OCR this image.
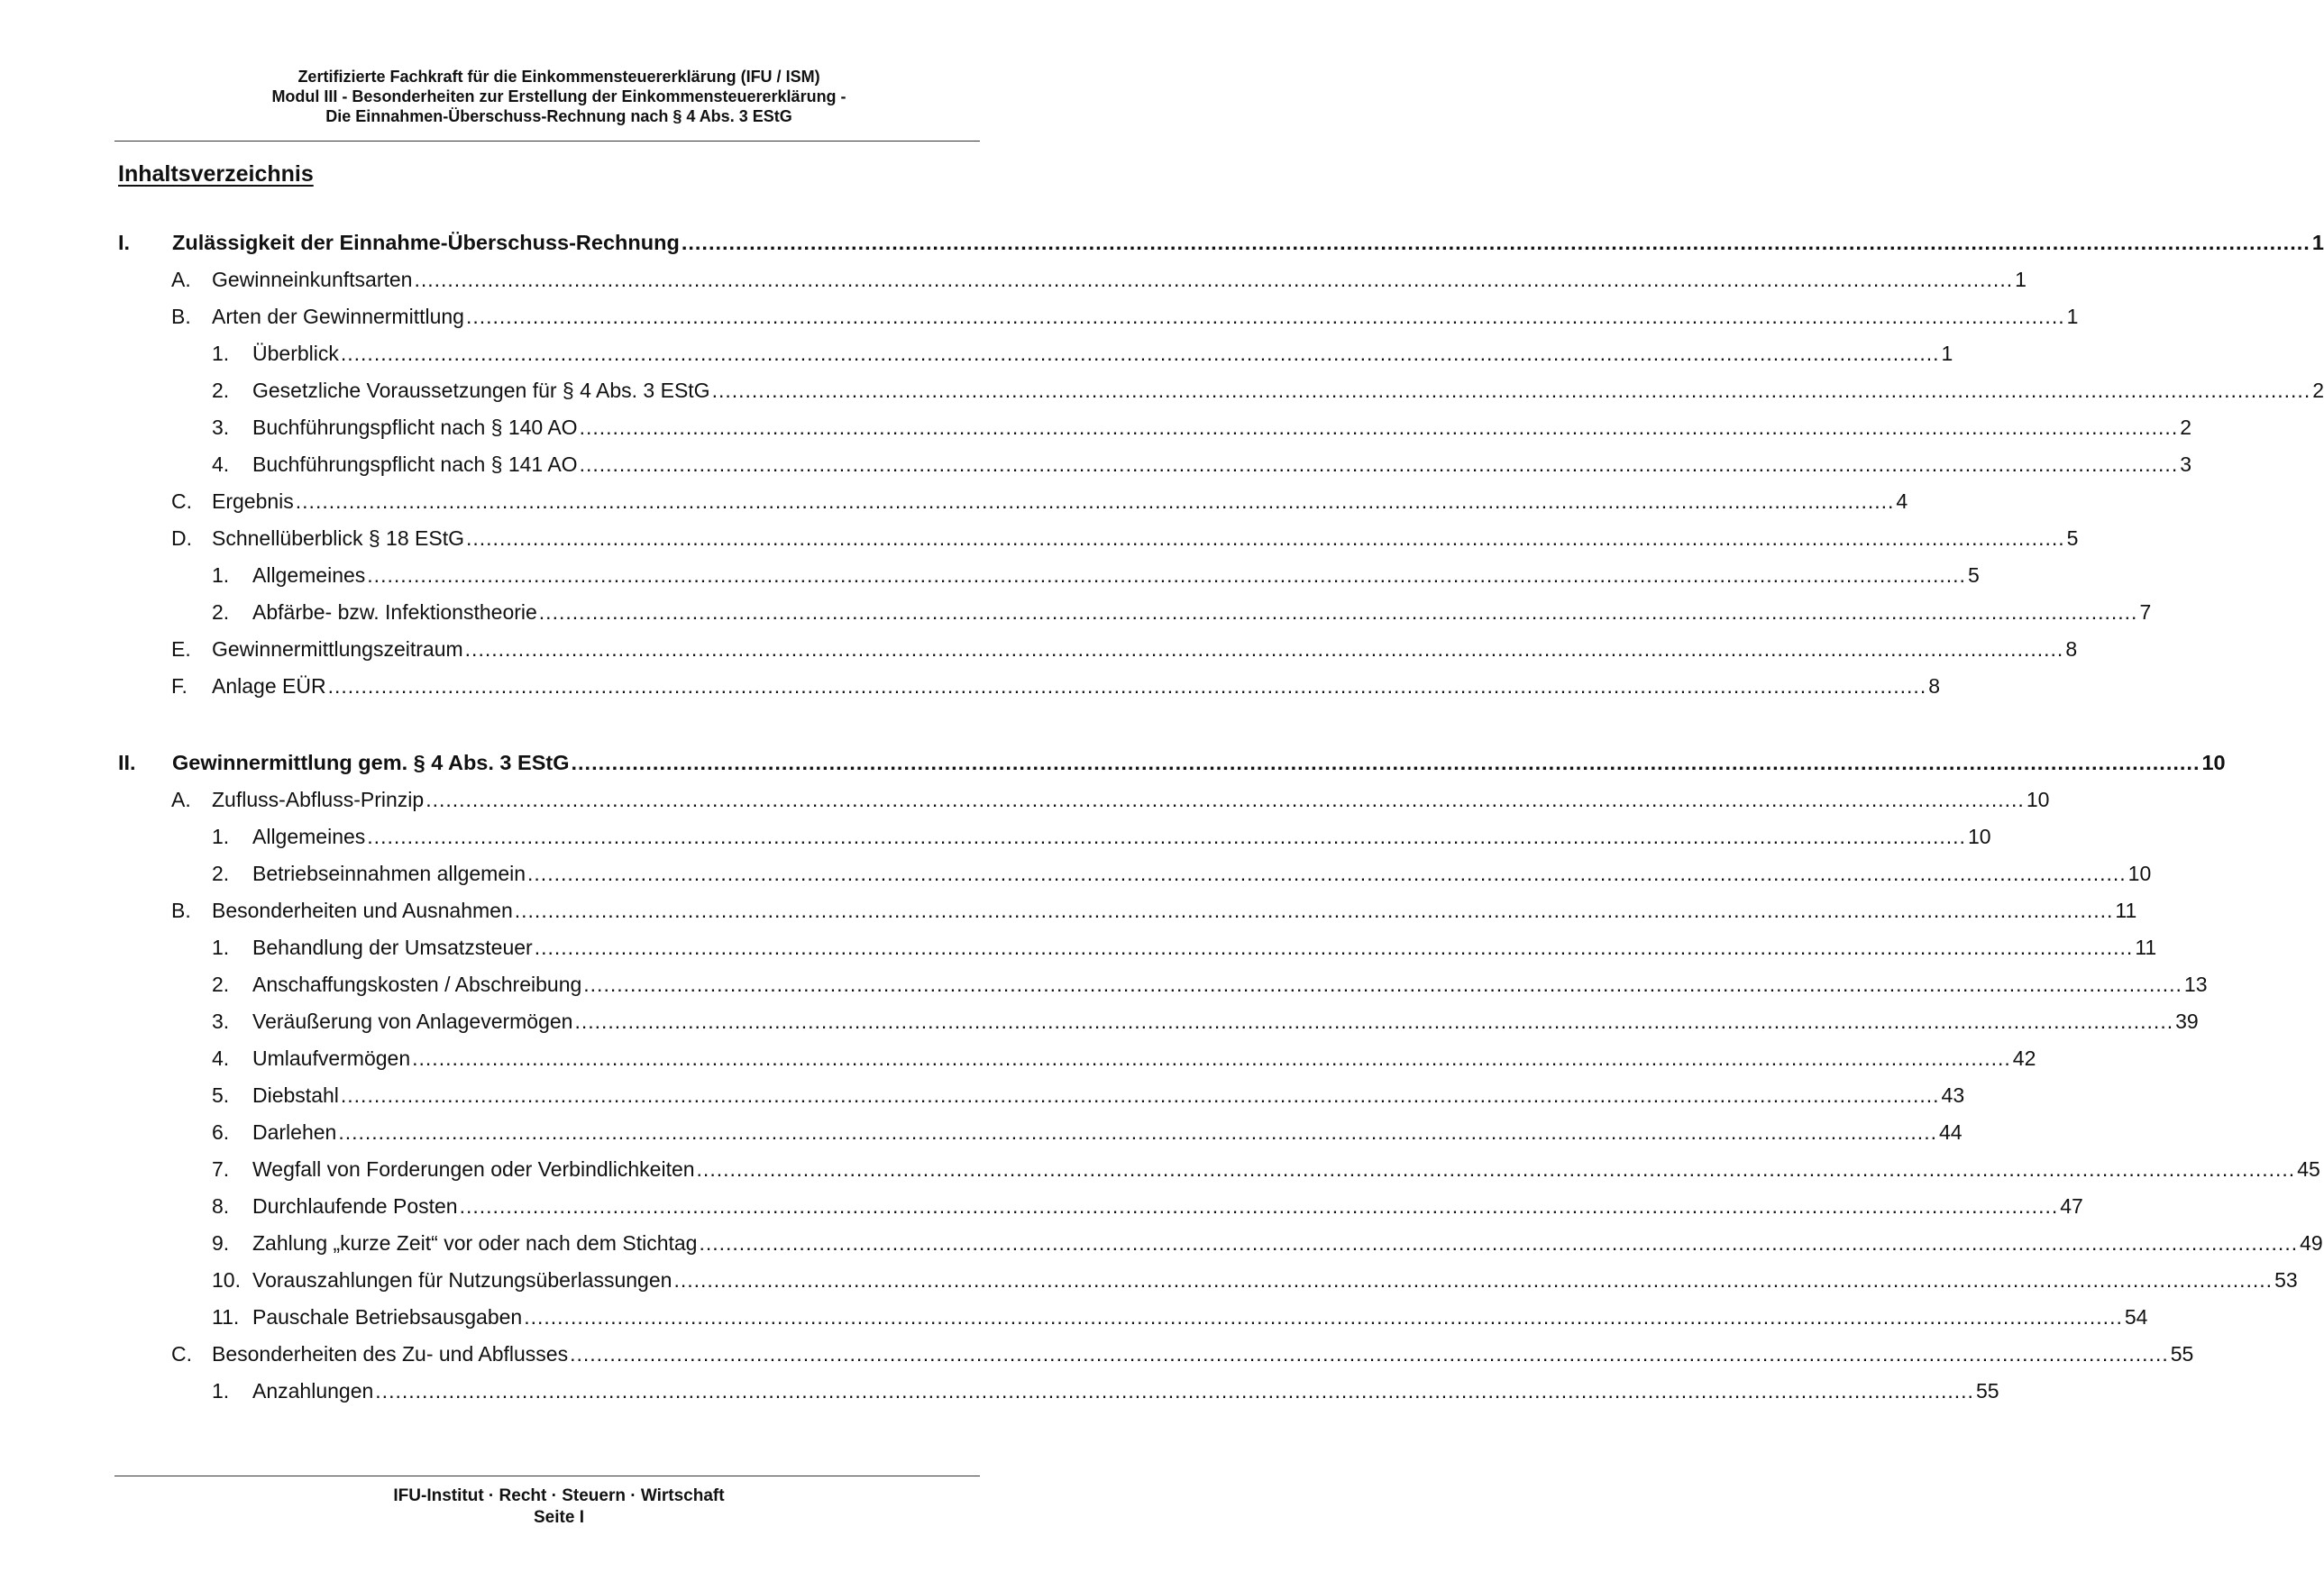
Zertifizierte Fachkraft für die Einkommensteuererklärung (IFU / ISM)
Modul III - Besonderheiten zur Erstellung der Einkommensteuererklärung -
Die Einnahmen-Überschuss-Rechnung nach § 4 Abs. 3 EStG
Inhaltsverzeichnis
I.	Zulässigkeit der Einnahme-Überschuss-Rechnung .....	1
A.	Gewinneinkunftsarten .....	1
B.	Arten der Gewinnermittlung .....	1
1.	Überblick .....	1
2.	Gesetzliche Voraussetzungen für § 4 Abs. 3 EStG .....	2
3.	Buchführungspflicht nach § 140 AO .....	2
4.	Buchführungspflicht nach § 141 AO .....	3
C. Ergebnis .....	4
D. Schnellüberblick § 18 EStG .....	5
1.	Allgemeines .....	5
2.	Abfärbe- bzw. Infektionstheorie .....	7
E.	Gewinnermittlungszeitraum .....	8
F.	Anlage EÜR .....	8
II.	Gewinnermittlung gem. § 4 Abs. 3 EStG .....	10
A.	Zufluss-Abfluss-Prinzip .....	10
1.	Allgemeines .....	10
2.	Betriebseinnahmen allgemein .....	10
B.	Besonderheiten und Ausnahmen .....	11
1.	Behandlung der Umsatzsteuer .....	11
2.	Anschaffungskosten / Abschreibung .....	13
3.	Veräußerung von Anlagevermögen .....	39
4.	Umlaufvermögen .....	42
5.	Diebstahl .....	43
6.	Darlehen .....	44
7.	Wegfall von Forderungen oder Verbindlichkeiten .....	45
8.	Durchlaufende Posten .....	47
9.	Zahlung „kurze Zeit“ vor oder nach dem Stichtag .....	49
10. Vorauszahlungen für Nutzungsüberlassungen .....	53
11. Pauschale Betriebsausgaben .....	54
C. Besonderheiten des Zu- und Abflusses .....	55
1.	Anzahlungen .....	55
IFU-Institut · Recht · Steuern · Wirtschaft
Seite I
